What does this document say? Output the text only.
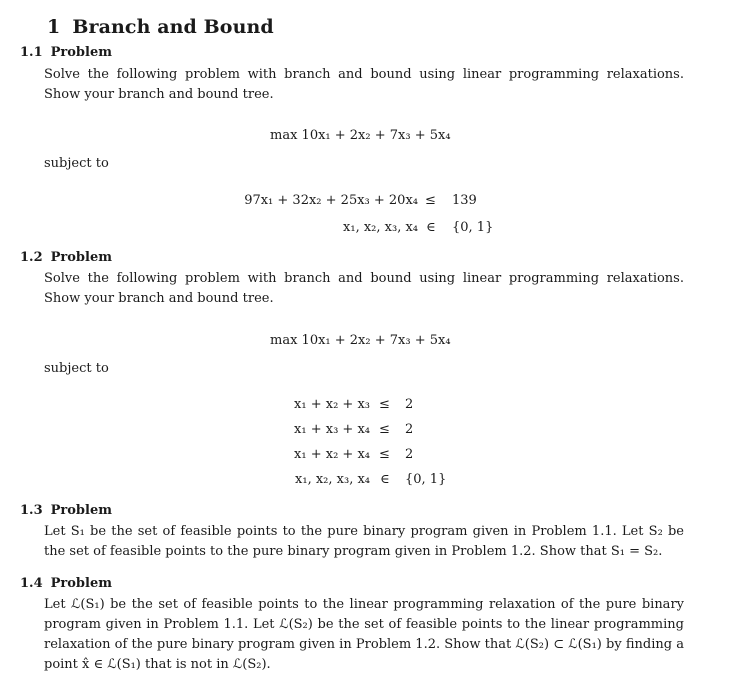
1 Branch and Bound
1.1 Problem
Solve the following problem with branch and bound using linear programming relaxations. Show your branch and bound tree.
max 10x₁ + 2x₂ + 7x₃ + 5x₄
subject to
97x₁ + 32x₂ + 25x₃ + 20x₄ ≤ 139
x₁, x₂, x₃, x₄ ∈ {0, 1}
1.2 Problem
Solve the following problem with branch and bound using linear programming relaxations. Show your branch and bound tree.
max 10x₁ + 2x₂ + 7x₃ + 5x₄
subject to
x₁ + x₂ + x₃ ≤ 2
x₁ + x₃ + x₄ ≤ 2
x₁ + x₂ + x₄ ≤ 2
x₁, x₂, x₃, x₄ ∈ {0, 1}
1.3 Problem
Let S₁ be the set of feasible points to the pure binary program given in Problem 1.1. Let S₂ be the set of feasible points to the pure binary program given in Problem 1.2. Show that S₁ = S₂.
1.4 Problem
Let ℒ(S₁) be the set of feasible points to the linear programming relaxation of the pure binary program given in Problem 1.1. Let ℒ(S₂) be the set of feasible points to the linear programming relaxation of the pure binary program given in Problem 1.2. Show that ℒ(S₂) ⊂ ℒ(S₁) by finding a point x̂ ∈ ℒ(S₁) that is not in ℒ(S₂).
